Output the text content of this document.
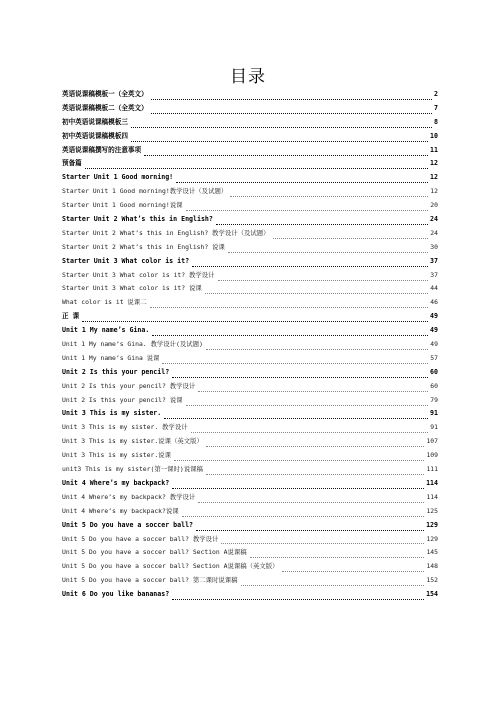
目录
英语说课稿模板一（全英文）	2
英语说课稿模板二（全英文）	7
初中英语说课稿模板三	8
初中英语说课稿模板四	10
英语说课稿撰写的注意事项	11
预备篇	12
Starter Unit 1 Good morning!	12
Starter Unit 1 Good morning!教学设计（及试题）	12
Starter Unit 1 Good morning!说课	20
Starter Unit 2 What’s this in English?	24
Starter Unit 2 What’s this in English? 教学设计（及试题）	24
Starter Unit 2 What’s this in English? 说课	30
Starter Unit 3 What color is it?	37
Starter Unit 3 What color is it? 教学设计	37
Starter Unit 3 What color is it? 说课	44
What color is it 说课二	46
正 课	49
Unit 1 My name’s Gina.	49
Unit 1 My name’s Gina. 教学设计(及试题)	49
Unit 1 My name’s Gina 说课	57
Unit 2 Is this your pencil?	60
Unit 2 Is this your pencil? 教学设计	60
Unit 2 Is this your pencil? 说课	79
Unit 3 This is my sister.	91
Unit 3 This is my sister. 教学设计	91
Unit 3 This is my sister.说课（英文版）	107
Unit 3 This is my sister.说课	109
unit3 This is my sister(第一课时)说课稿	111
Unit 4 Where’s my backpack?	114
Unit 4 Where’s my backpack? 教学设计	114
Unit 4 Where’s my backpack?说课	125
Unit 5 Do you have a soccer ball?	129
Unit 5 Do you have a soccer ball? 教学设计	129
Unit 5 Do you have a soccer ball? Section A说课稿	145
Unit 5 Do you have a soccer ball? Section A说课稿（英文版）	148
Unit 5 Do you have a soccer ball? 第二课时说课稿	152
Unit 6 Do you like bananas?	154
